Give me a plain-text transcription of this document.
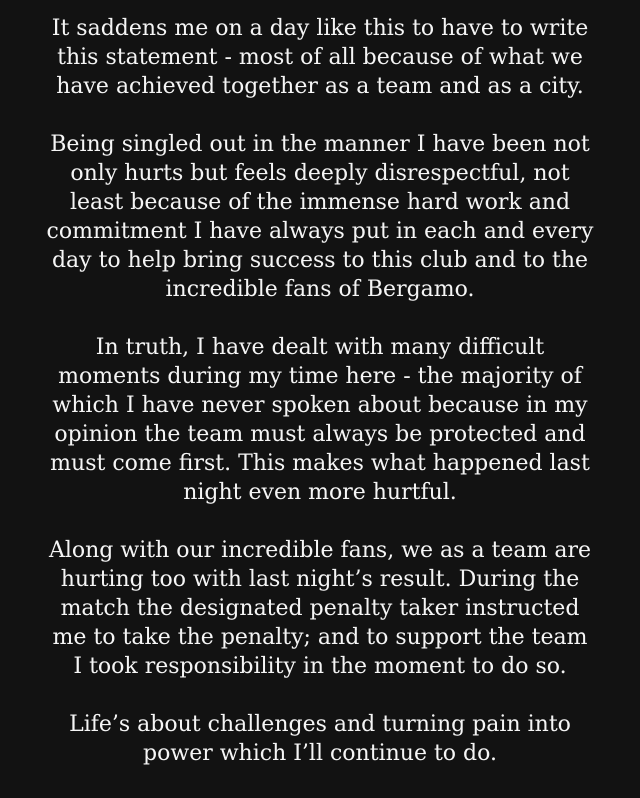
It saddens me on a day like this to have to write
this statement - most of all because of what we
have achieved together as a team and as a city.

Being singled out in the manner I have been not
only hurts but feels deeply disrespectful, not
least because of the immense hard work and
commitment I have always put in each and every
day to help bring success to this club and to the
incredible fans of Bergamo.

In truth, I have dealt with many difficult
moments during my time here - the majority of
which I have never spoken about because in my
opinion the team must always be protected and
must come first. This makes what happened last
night even more hurtful.

Along with our incredible fans, we as a team are
hurting too with last night’s result. During the
match the designated penalty taker instructed
me to take the penalty; and to support the team
I took responsibility in the moment to do so.

Life’s about challenges and turning pain into
power which I’ll continue to do.
